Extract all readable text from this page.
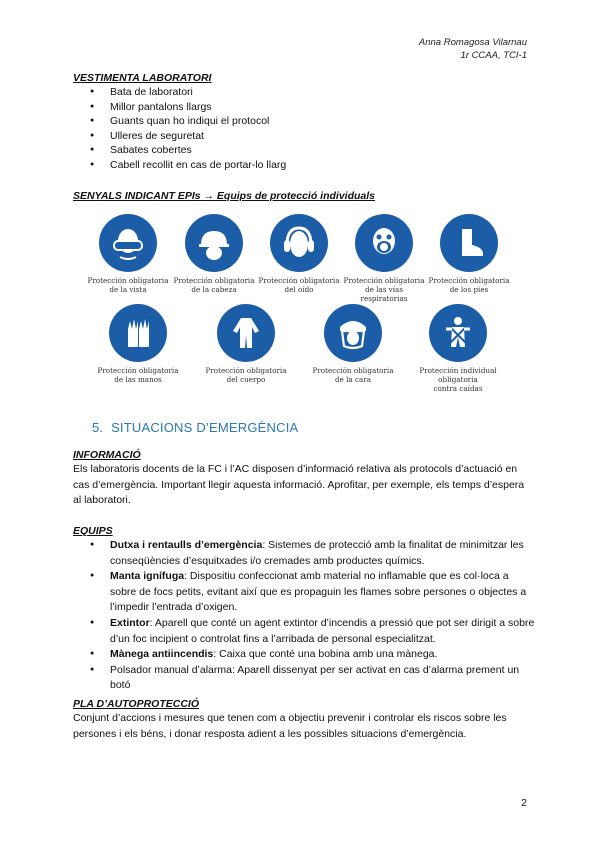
Anna Romagosa Vilarnau
1r CCAA, TCI-1
VESTIMENTA LABORATORI
● Bata de laboratori
● Millor pantalons llargs
● Guants quan ho indiqui el protocol
● Ulleres de seguretat
● Sabates cobertes
● Cabell recollit en cas de portar-lo llarg
SENYALS INDICANT EPIs → Equips de protecció individuals
Protección obligatoria
de la vista
Protección obligatoria
de la cabeza
Protección obligatoria
del oído
Protección obligatoria
de las vías respiratorias
Protección obligatoria
de los pies
Protección obligatoria
de las manos
Protección obligatoria
del cuerpo
Protección obligatoria
de la cara
Protección individual
obligatoria
contra caídas
5. SITUACIONS D’EMERGÈNCIA
INFORMACIÓ

Els laboratoris docents de la FC i l’AC disposen d’informació relativa als protocols d’actuació en cas d’emergència. Important llegir aquesta informació. Aprofitar, per exemple, els temps d’espera al laboratori.

EQUIPS
● Dutxa i rentaulls d’emergència: Sistemes de protecció amb la finalitat de minimitzar les conseqüències d’esquitxades i/o cremades amb productes químics.
● Manta ignífuga: Dispositiu confeccionat amb material no inflamable que es col·loca a sobre de focs petits, evitant així que es propaguin les flames sobre persones o objectes a l’impedir l’entrada d’oxigen.
● Extintor: Aparell que conté un agent extintor d’incendis a pressió que pot ser dirigit a sobre d’un foc incipient o controlat fins a l’arribada de personal especialitzat.
● Mànega antiincendis: Caixa que conté una bobina amb una mànega.
● Polsador manual d’alarma: Aparell dissenyat per ser activat en cas d’alarma prement un botó
PLA D’AUTOPROTECCIÓ

Conjunt d’accions i mesures que tenen com a objectiu prevenir i controlar els riscos sobre les persones i els béns, i donar resposta adient a les possibles situacions d’emergència.

2
